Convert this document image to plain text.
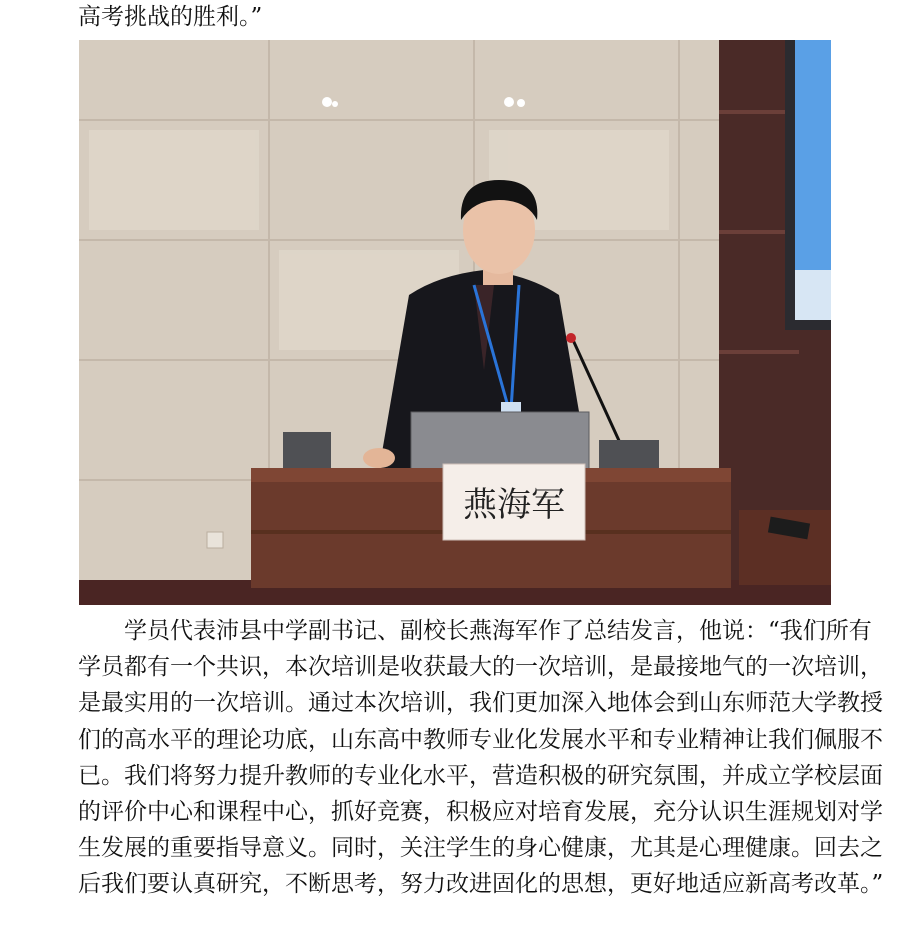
高考挑战的胜利。”
燕海军
　　学员代表沛县中学副书记、副校长燕海军作了总结发言，他说：“我们所有
学员都有一个共识，本次培训是收获最大的一次培训，是最接地气的一次培训，
是最实用的一次培训。通过本次培训，我们更加深入地体会到山东师范大学教授
们的高水平的理论功底，山东高中教师专业化发展水平和专业精神让我们佩服不
已。我们将努力提升教师的专业化水平，营造积极的研究氛围，并成立学校层面
的评价中心和课程中心，抓好竞赛，积极应对培育发展，充分认识生涯规划对学
生发展的重要指导意义。同时，关注学生的身心健康，尤其是心理健康。回去之
后我们要认真研究，不断思考，努力改进固化的思想，更好地适应新高考改革。”
